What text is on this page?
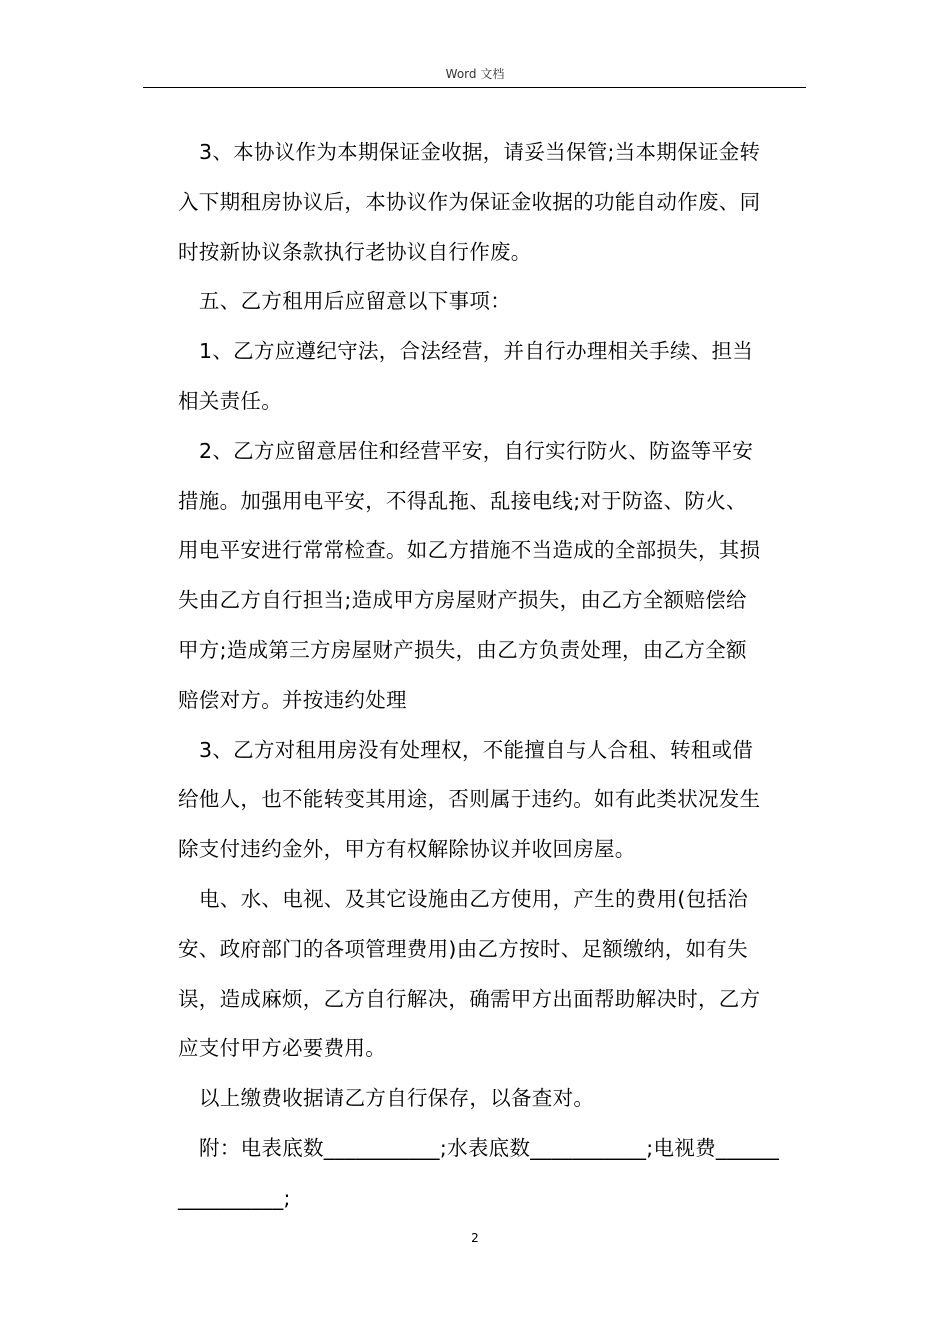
Word 文档

3、本协议作为本期保证金收据，请妥当保管;当本期保证金转

入下期租房协议后，本协议作为保证金收据的功能自动作废、同

时按新协议条款执行老协议自行作废。

五、乙方租用后应留意以下事项：

1、乙方应遵纪守法，合法经营，并自行办理相关手续、担当

相关责任。

2、乙方应留意居住和经营平安，自行实行防火、防盗等平安

措施。加强用电平安，不得乱拖、乱接电线;对于防盗、防火、

用电平安进行常常检查。如乙方措施不当造成的全部损失，其损

失由乙方自行担当;造成甲方房屋财产损失，由乙方全额赔偿给

甲方;造成第三方房屋财产损失，由乙方负责处理，由乙方全额

赔偿对方。并按违约处理

3、乙方对租用房没有处理权，不能擅自与人合租、转租或借

给他人，也不能转变其用途，否则属于违约。如有此类状况发生

除支付违约金外，甲方有权解除协议并收回房屋。

电、水、电视、及其它设施由乙方使用，产生的费用(包括治

安、政府部门的各项管理费用)由乙方按时、足额缴纳，如有失

误，造成麻烦，乙方自行解决，确需甲方出面帮助解决时，乙方

应支付甲方必要费用。

以上缴费收据请乙方自行保存，以备查对。

附：电表底数___________;水表底数___________;电视费______

__________;

2
